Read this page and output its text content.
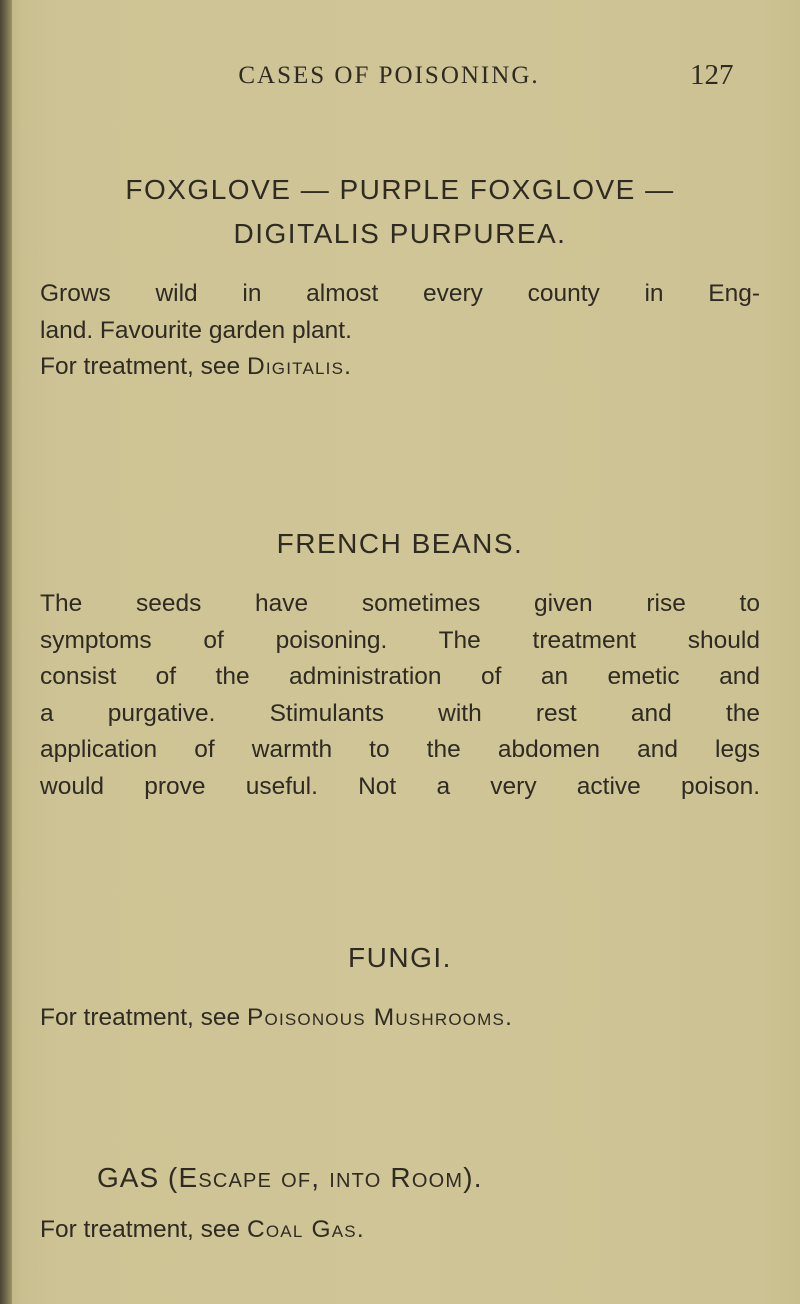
CASES OF POISONING.	127
FOXGLOVE — PURPLE FOXGLOVE —
DIGITALIS PURPUREA.

Grows wild in almost every county in Eng-

land. Favourite garden plant.

For treatment, see Digitalis.

FRENCH BEANS.

The seeds have sometimes given rise to

symptoms of poisoning. The treatment should

consist of the administration of an emetic and

a purgative. Stimulants with rest and the

application of warmth to the abdomen and legs

would prove useful. Not a very active poison.

FUNGI.

For treatment, see Poisonous Mushrooms.

GAS (Escape of, into Room).

For treatment, see Coal Gas.
